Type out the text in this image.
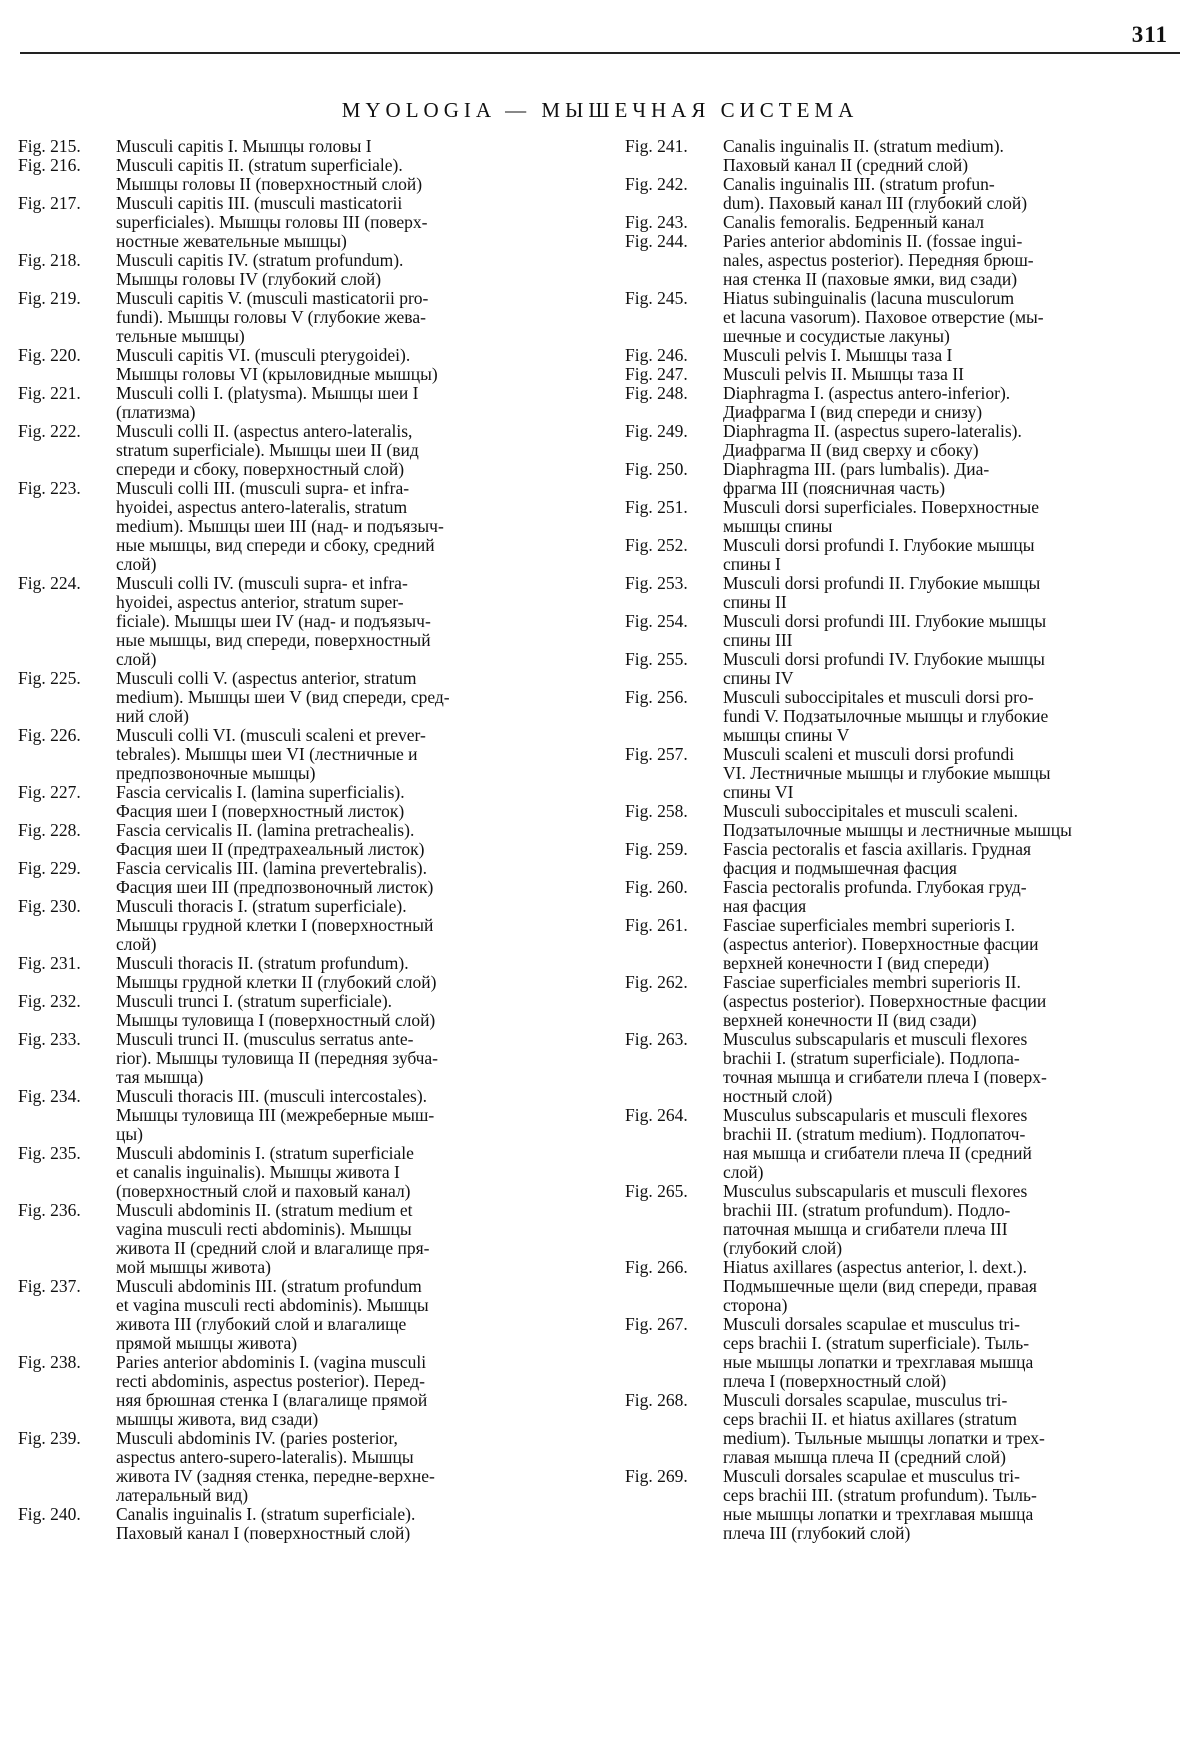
311
MYOLOGIA — МЫШЕЧНАЯ СИСТЕМА
Fig. 215.	Musculi capitis I. Мышцы головы I
Fig. 216.	Musculi capitis II. (stratum superficiale).
Мышцы головы II (поверхностный слой)
Fig. 217.	Musculi capitis III. (musculi masticatorii
superficiales). Мышцы головы III (поверх-
ностные жевательные мышцы)
Fig. 218.	Musculi capitis IV. (stratum profundum).
Мышцы головы IV (глубокий слой)
Fig. 219.	Musculi capitis V. (musculi masticatorii pro-
fundi). Мышцы головы V (глубокие жева-
тельные мышцы)
Fig. 220.	Musculi capitis VI. (musculi pterygoidei).
Мышцы головы VI (крыловидные мышцы)
Fig. 221.	Musculi colli I. (platysma). Мышцы шеи I
(платизма)
Fig. 222.	Musculi colli II. (aspectus antero-lateralis,
stratum superficiale). Мышцы шеи II (вид
спереди и сбоку, поверхностный слой)
Fig. 223.	Musculi colli III. (musculi supra- et infra-
hyoidei, aspectus antero-lateralis, stratum
medium). Мышцы шеи III (над- и подъязыч-
ные мышцы, вид спереди и сбоку, средний
слой)
Fig. 224.	Musculi colli IV. (musculi supra- et infra-
hyoidei, aspectus anterior, stratum super-
ficiale). Мышцы шеи IV (над- и подъязыч-
ные мышцы, вид спереди, поверхностный
слой)
Fig. 225.	Musculi colli V. (aspectus anterior, stratum
medium). Мышцы шеи V (вид спереди, сред-
ний слой)
Fig. 226.	Musculi colli VI. (musculi scaleni et prever-
tebrales). Мышцы шеи VI (лестничные и
предпозвоночные мышцы)
Fig. 227.	Fascia cervicalis I. (lamina superficialis).
Фасция шеи I (поверхностный листок)
Fig. 228.	Fascia cervicalis II. (lamina pretrachealis).
Фасция шеи II (предтрахеальный листок)
Fig. 229.	Fascia cervicalis III. (lamina prevertebralis).
Фасция шеи III (предпозвоночный листок)
Fig. 230.	Musculi thoracis I. (stratum superficiale).
Мышцы грудной клетки I (поверхностный
слой)
Fig. 231.	Musculi thoracis II. (stratum profundum).
Мышцы грудной клетки II (глубокий слой)
Fig. 232.	Musculi trunci I. (stratum superficiale).
Мышцы туловища I (поверхностный слой)
Fig. 233.	Musculi trunci II. (musculus serratus ante-
rior). Мышцы туловища II (передняя зубча-
тая мышца)
Fig. 234.	Musculi thoracis III. (musculi intercostales).
Мышцы туловища III (межреберные мыш-
цы)
Fig. 235.	Musculi abdominis I. (stratum superficiale
et canalis inguinalis). Мышцы живота I
(поверхностный слой и паховый канал)
Fig. 236.	Musculi abdominis II. (stratum medium et
vagina musculi recti abdominis). Мышцы
живота II (средний слой и влагалище пря-
мой мышцы живота)
Fig. 237.	Musculi abdominis III. (stratum profundum
et vagina musculi recti abdominis). Мышцы
живота III (глубокий слой и влагалище
прямой мышцы живота)
Fig. 238.	Paries anterior abdominis I. (vagina musculi
recti abdominis, aspectus posterior). Перед-
няя брюшная стенка I (влагалище прямой
мышцы живота, вид сзади)
Fig. 239.	Musculi abdominis IV. (paries posterior,
aspectus antero-supero-lateralis). Мышцы
живота IV (задняя стенка, передне-верхне-
латеральный вид)
Fig. 240.	Canalis inguinalis I. (stratum superficiale).
Паховый канал I (поверхностный слой)
Fig. 241.	Canalis inguinalis II. (stratum medium).
Паховый канал II (средний слой)
Fig. 242.	Canalis inguinalis III. (stratum profun-
dum). Паховый канал III (глубокий слой)
Fig. 243.	Canalis femoralis. Бедренный канал
Fig. 244.	Paries anterior abdominis II. (fossae ingui-
nales, aspectus posterior). Передняя брюш-
ная стенка II (паховые ямки, вид сзади)
Fig. 245.	Hiatus subinguinalis (lacuna musculorum
et lacuna vasorum). Паховое отверстие (мы-
шечные и сосудистые лакуны)
Fig. 246.	Musculi pelvis I. Мышцы таза I
Fig. 247.	Musculi pelvis II. Мышцы таза II
Fig. 248.	Diaphragma I. (aspectus antero-inferior).
Диафрагма I (вид спереди и снизу)
Fig. 249.	Diaphragma II. (aspectus supero-lateralis).
Диафрагма II (вид сверху и сбоку)
Fig. 250.	Diaphragma III. (pars lumbalis). Диа-
фрагма III (поясничная часть)
Fig. 251.	Musculi dorsi superficiales. Поверхностные
мышцы спины
Fig. 252.	Musculi dorsi profundi I. Глубокие мышцы
спины I
Fig. 253.	Musculi dorsi profundi II. Глубокие мышцы
спины II
Fig. 254.	Musculi dorsi profundi III. Глубокие мышцы
спины III
Fig. 255.	Musculi dorsi profundi IV. Глубокие мышцы
спины IV
Fig. 256.	Musculi suboccipitales et musculi dorsi pro-
fundi V. Подзатылочные мышцы и глубокие
мышцы спины V
Fig. 257.	Musculi scaleni et musculi dorsi profundi
VI. Лестничные мышцы и глубокие мышцы
спины VI
Fig. 258.	Musculi suboccipitales et musculi scaleni.
Подзатылочные мышцы и лестничные мышцы
Fig. 259.	Fascia pectoralis et fascia axillaris. Грудная
фасция и подмышечная фасция
Fig. 260.	Fascia pectoralis profunda. Глубокая груд-
ная фасция
Fig. 261.	Fasciae superficiales membri superioris I.
(aspectus anterior). Поверхностные фасции
верхней конечности I (вид спереди)
Fig. 262.	Fasciae superficiales membri superioris II.
(aspectus posterior). Поверхностные фасции
верхней конечности II (вид сзади)
Fig. 263.	Musculus subscapularis et musculi flexores
brachii I. (stratum superficiale). Подлопа-
точная мышца и сгибатели плеча I (поверх-
ностный слой)
Fig. 264.	Musculus subscapularis et musculi flexores
brachii II. (stratum medium). Подлопаточ-
ная мышца и сгибатели плеча II (средний
слой)
Fig. 265.	Musculus subscapularis et musculi flexores
brachii III. (stratum profundum). Подло-
паточная мышца и сгибатели плеча III
(глубокий слой)
Fig. 266.	Hiatus axillares (aspectus anterior, l. dext.).
Подмышечные щели (вид спереди, правая
сторона)
Fig. 267.	Musculi dorsales scapulae et musculus tri-
ceps brachii I. (stratum superficiale). Тыль-
ные мышцы лопатки и трехглавая мышца
плеча I (поверхностный слой)
Fig. 268.	Musculi dorsales scapulae, musculus tri-
ceps brachii II. et hiatus axillares (stratum
medium). Тыльные мышцы лопатки и трех-
главая мышца плеча II (средний слой)
Fig. 269.	Musculi dorsales scapulae et musculus tri-
ceps brachii III. (stratum profundum). Тыль-
ные мышцы лопатки и трехглавая мышца
плеча III (глубокий слой)
